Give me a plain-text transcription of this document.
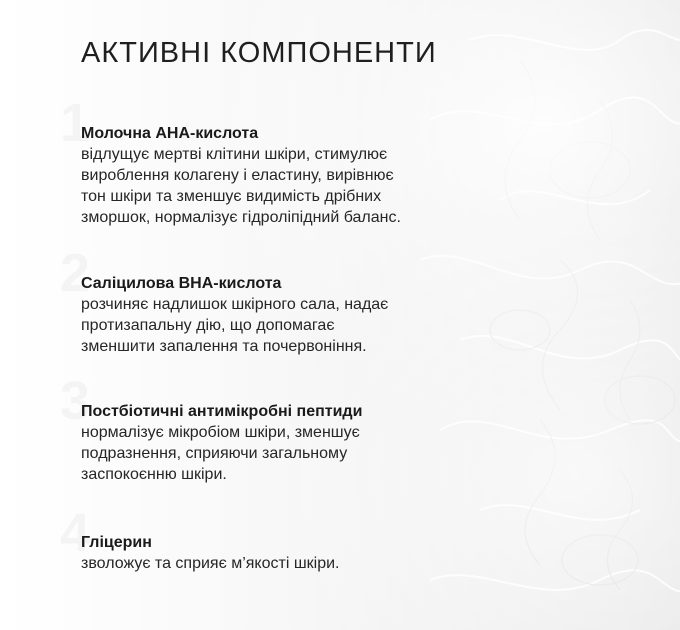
АКТИВНІ КОМПОНЕНТИ

Молочна АНА-кислота

відлущує мертві клітини шкіри, стимулює
вироблення колагену і еластину, вирівнює
тон шкіри та зменшує видимість дрібних
зморшок, нормалізує гідроліпідний баланс.

Саліцилова ВНА-кислота

розчиняє надлишок шкірного сала, надає
протизапальну дію, що допомагає
зменшити запалення та почервоніння.

Постбіотичні антимікробні пептиди

нормалізує мікробіом шкіри, зменшує
подразнення, сприяючи загальному
заспокоєнню шкіри.

Гліцерин

зволожує та сприяє м’якості шкіри.
